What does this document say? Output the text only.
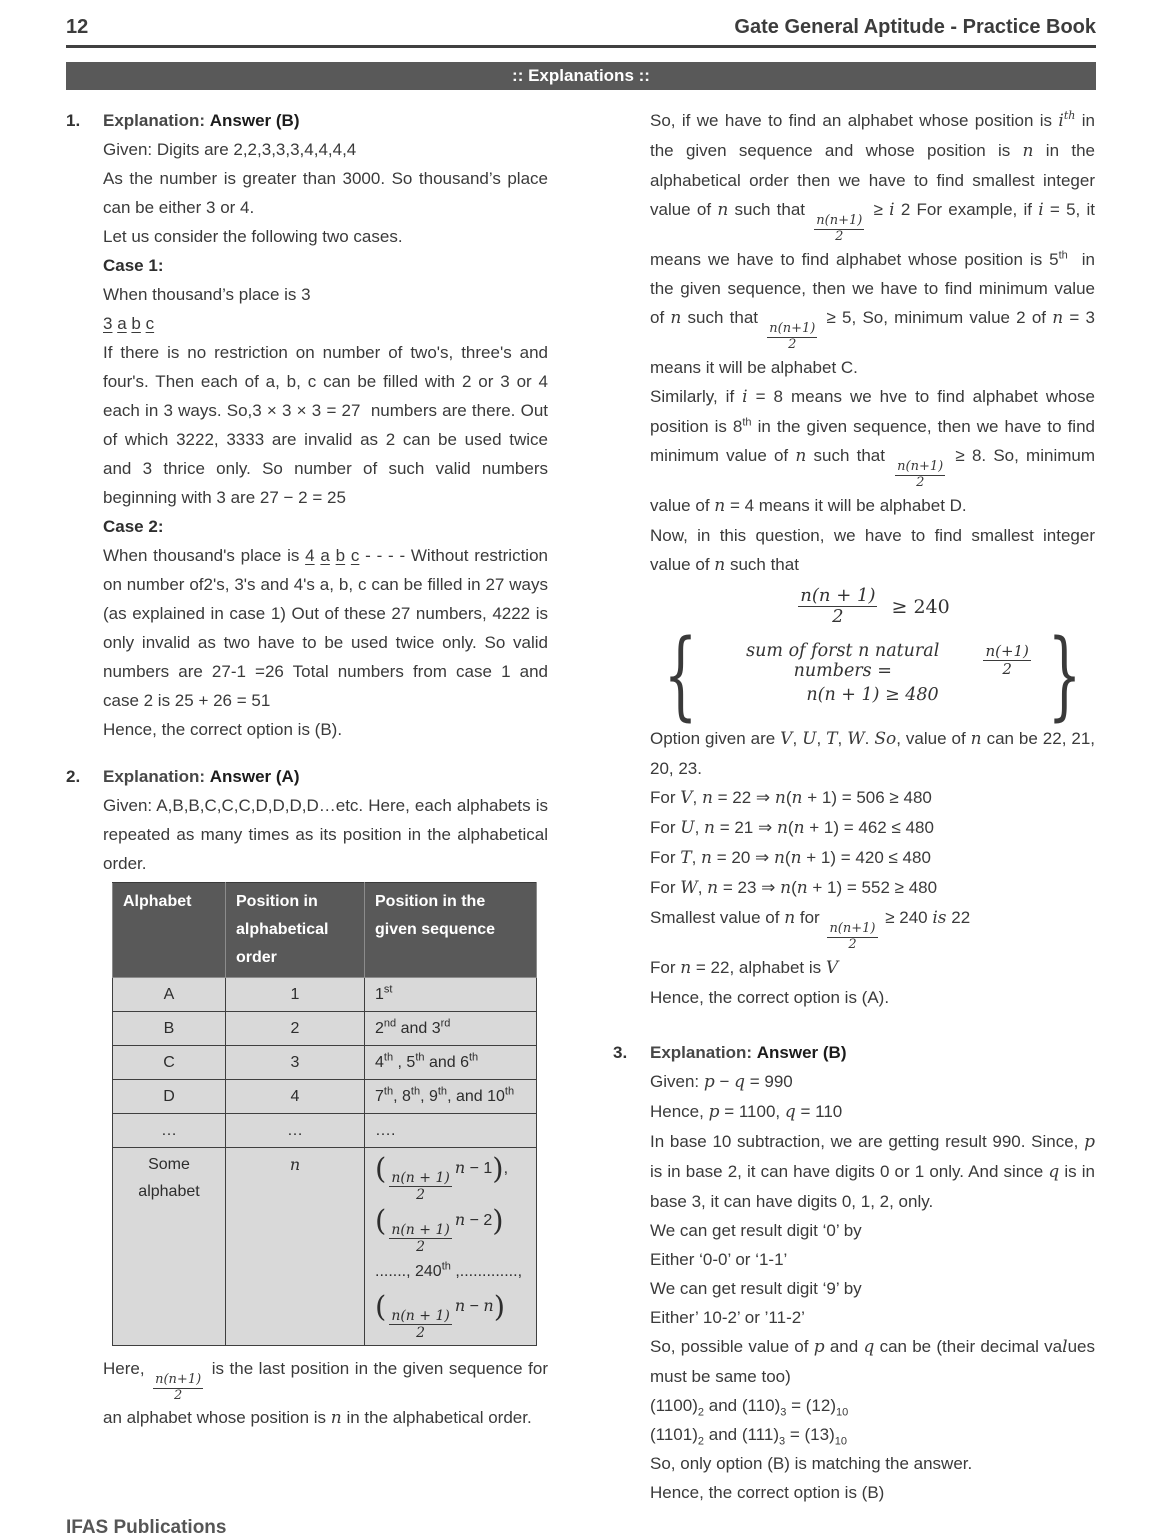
12	Gate General Aptitude - Practice Book
:: Explanations ::
1.	Explanation: Answer (B)

Given: Digits are 2,2,3,3,3,4,4,4,4

As the number is greater than 3000. So thousand’s place can be either 3 or 4.

Let us consider the following two cases.

Case 1:

When thousand’s place is 3

3 a b c

If there is no restriction on number of two's, three's and four's. Then each of a, b, c can be filled with 2 or 3 or 4 each in 3 ways. So,3 × 3 × 3 = 27  numbers are there. Out of which 3222, 3333 are invalid as 2 can be used twice and 3 thrice only. So number of such valid numbers beginning with 3 are 27 − 2 = 25

Case 2:

When thousand's place is 4 a b c - - - - Without restriction on number of2's, 3's and 4's a, b, c can be filled in 27 ways (as explained in case 1) Out of these 27 numbers, 4222 is only invalid as two have to be used twice only. So valid numbers are 27-1 =26 Total numbers from case 1 and case 2 is 25 + 26 = 51

Hence, the correct option is (B).

2.	Explanation: Answer (A)

Given: A,B,B,C,C,C,D,D,D,D…etc. Here, each alphabets is repeated as many times as its position in the alphabetical order.

Alphabet	Position in alphabetical order	Position in the given sequence
A	1	1st
B	2	2nd and 3rd
C	3	4th , 5th and 6th
D	4	7th, 8th, 9th, and 10th
…	…	….
Some alphabet	n	(
$\frac{n(n + 1)}{2}$
n − 1),
(
$\frac{n(n + 1)}{2}$
n − 2)
......., 240th ,.............,
(
$\frac{n(n + 1)}{2}$
n − n)

Here,
$\frac{n(n+1)}{2}$
is the last position in the given sequence for an alphabet whose position is n in the alphabetical order.

So, if we have to find an alphabet whose position is $i^{th}$ in the given sequence and whose position is n in the alphabetical order then we have to find smallest integer value of n such that
$\frac{n(n+1)}{2}$
≥ i 2 For example, if i = 5, it means we have to find alphabet whose position is 5th  in the given sequence, then we have to find minimum value of n such that
$\frac{n(n+1)}{2}$
≥ 5, So, minimum value 2 of n = 3 means it will be alphabet C.

Similarly, if i = 8 means we hve to find alphabet whose position is 8th in the given sequence, then we have to find minimum value of n such that
$\frac{n(n+1)}{2}$
≥ 8. So, minimum value of n = 4 means it will be alphabet D.

Now, in this question, we have to find smallest integer value of n such that

$\frac{n(n + 1)}{2} \ge 240$
{	sum of forst n natural numbers =	$\frac{n(+1)}{2}$

n(n + 1) ≥ 480	}

Option given are V, U, T, W. So, value of n can be 22, 21, 20, 23.

For V, n = 22 ⇒ n(n + 1) = 506 ≥ 480

For U, n = 21 ⇒ n(n + 1) = 462 ≤ 480

For T, n = 20 ⇒ n(n + 1) = 420 ≤ 480

For W, n = 23 ⇒ n(n + 1) = 552 ≥ 480

Smallest value of n for
$\frac{n(n+1)}{2}$
≥ 240 is 22

For n = 22, alphabet is V

Hence, the correct option is (A).

3.	Explanation: Answer (B)

Given: p − q = 990

Hence, p = 1100, q = 110

In base 10 subtraction, we are getting result 990. Since, p is in base 2, it can have digits 0 or 1 only. And since q is in base 3, it can have digits 0, 1, 2, only.

We can get result digit ‘0’ by

Either ‘0-0’ or ‘1-1’

We can get result digit ‘9’ by

Either’ 10-2’ or ’11-2’

So, possible value of p and q can be (their decimal values must be same too)

$(1100)_2$ and $(110)_3 = (12)_{10}$

$(1101)_2$ and $(111)_3 = (13)_{10}$

So, only option (B) is matching the answer.

Hence, the correct option is (B)

IFAS Publications
